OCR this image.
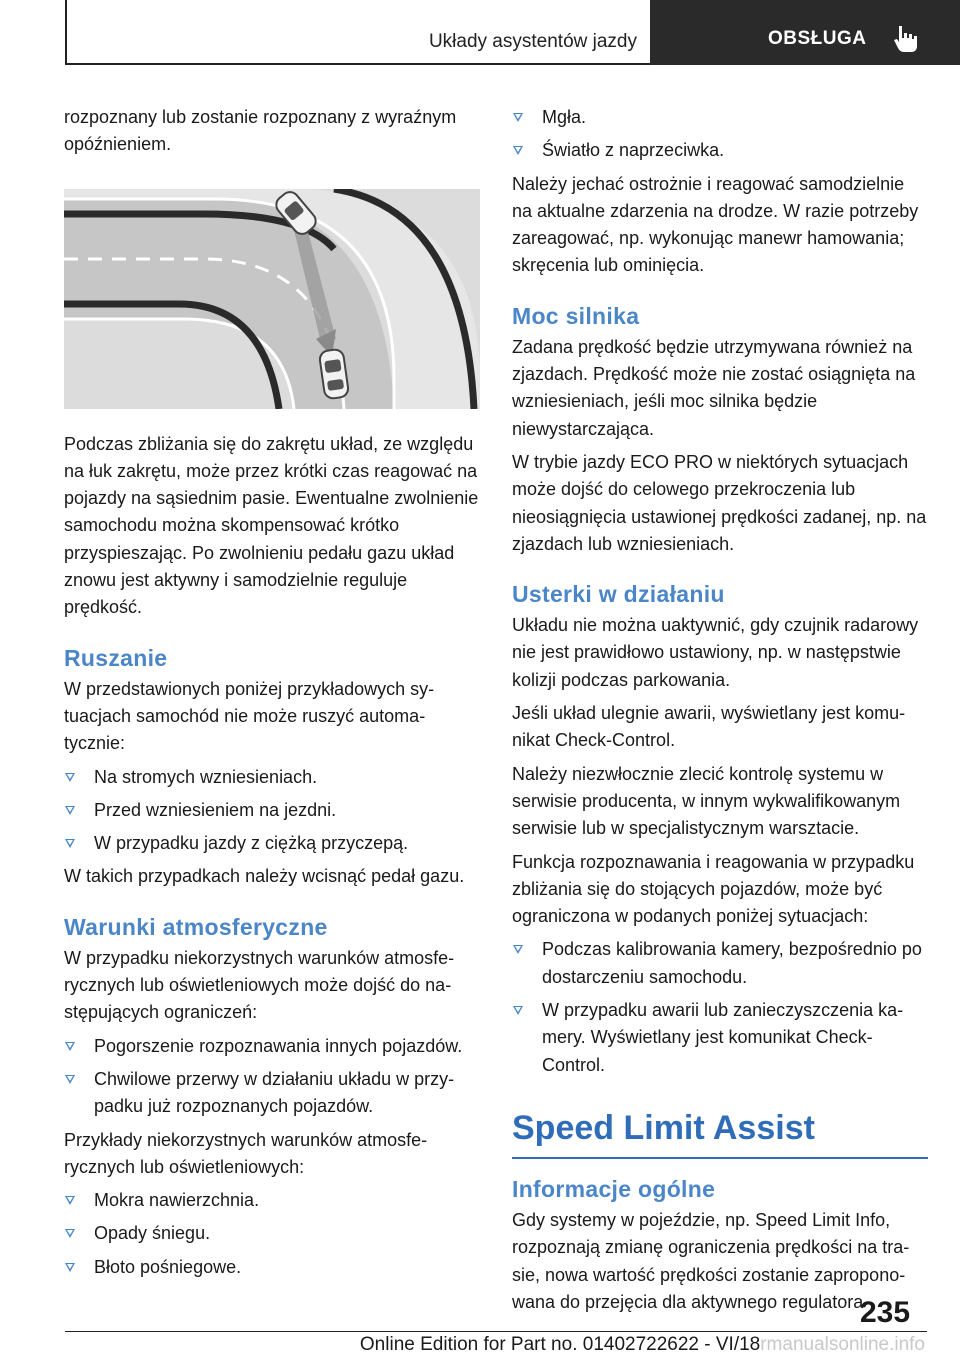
Układy asystentów jazdy	OBSŁUGA

rozpoznany lub zostanie rozpoznany z wyraźnym opóźnieniem.

Podczas zbliżania się do zakrętu układ, ze względu na łuk zakrętu, może przez krótki czas reagować na pojazdy na sąsiednim pasie. Ewentualne zwolnienie samochodu można skompensować krótko przyspieszając. Po zwolnieniu pedału gazu układ znowu jest aktywny i samodzielnie reguluje prędkość.

Ruszanie

W przedstawionych poniżej przykładowych sytuacjach samochód nie może ruszyć automatycznie:

Na stromych wzniesieniach.
Przed wzniesieniem na jezdni.
W przypadku jazdy z ciężką przyczepą.

W takich przypadkach należy wcisnąć pedał gazu.

Warunki atmosferyczne

W przypadku niekorzystnych warunków atmosferycznych lub oświetleniowych może dojść do następujących ograniczeń:

Pogorszenie rozpoznawania innych pojazdów.
Chwilowe przerwy w działaniu układu w przypadku już rozpoznanych pojazdów.

Przykłady niekorzystnych warunków atmosferycznych lub oświetleniowych:

Mokra nawierzchnia.
Opady śniegu.
Błoto pośniegowe.
Mgła.
Światło z naprzeciwka.

Należy jechać ostrożnie i reagować samodzielnie na aktualne zdarzenia na drodze. W razie potrzeby zareagować, np. wykonując manewr hamowania; skręcenia lub ominięcia.

Moc silnika

Zadana prędkość będzie utrzymywana również na zjazdach. Prędkość może nie zostać osiągnięta na wzniesieniach, jeśli moc silnika będzie niewystarczająca.

W trybie jazdy ECO PRO w niektórych sytuacjach może dojść do celowego przekroczenia lub nieosiągnięcia ustawionej prędkości zadanej, np. na zjazdach lub wzniesieniach.

Usterki w działaniu

Układu nie można uaktywnić, gdy czujnik radarowy nie jest prawidłowo ustawiony, np. w następstwie kolizji podczas parkowania.

Jeśli układ ulegnie awarii, wyświetlany jest komunikat Check-Control.

Należy niezwłocznie zlecić kontrolę systemu w serwisie producenta, w innym wykwalifikowanym serwisie lub w specjalistycznym warsztacie.

Funkcja rozpoznawania i reagowania w przypadku zbliżania się do stojących pojazdów, może być ograniczona w podanych poniżej sytuacjach:

Podczas kalibrowania kamery, bezpośrednio po dostarczeniu samochodu.
W przypadku awarii lub zanieczyszczenia kamery. Wyświetlany jest komunikat Check-Control.
Speed Limit Assist
Informacje ogólne

Gdy systemy w pojeździe, np. Speed Limit Info, rozpoznają zmianę ograniczenia prędkości na trasie, nowa wartość prędkości zostanie zaproponowana do przejęcia dla aktywnego regulatora

235
Online Edition for Part no. 01402722622 - VI/18rmanualsonline.info
